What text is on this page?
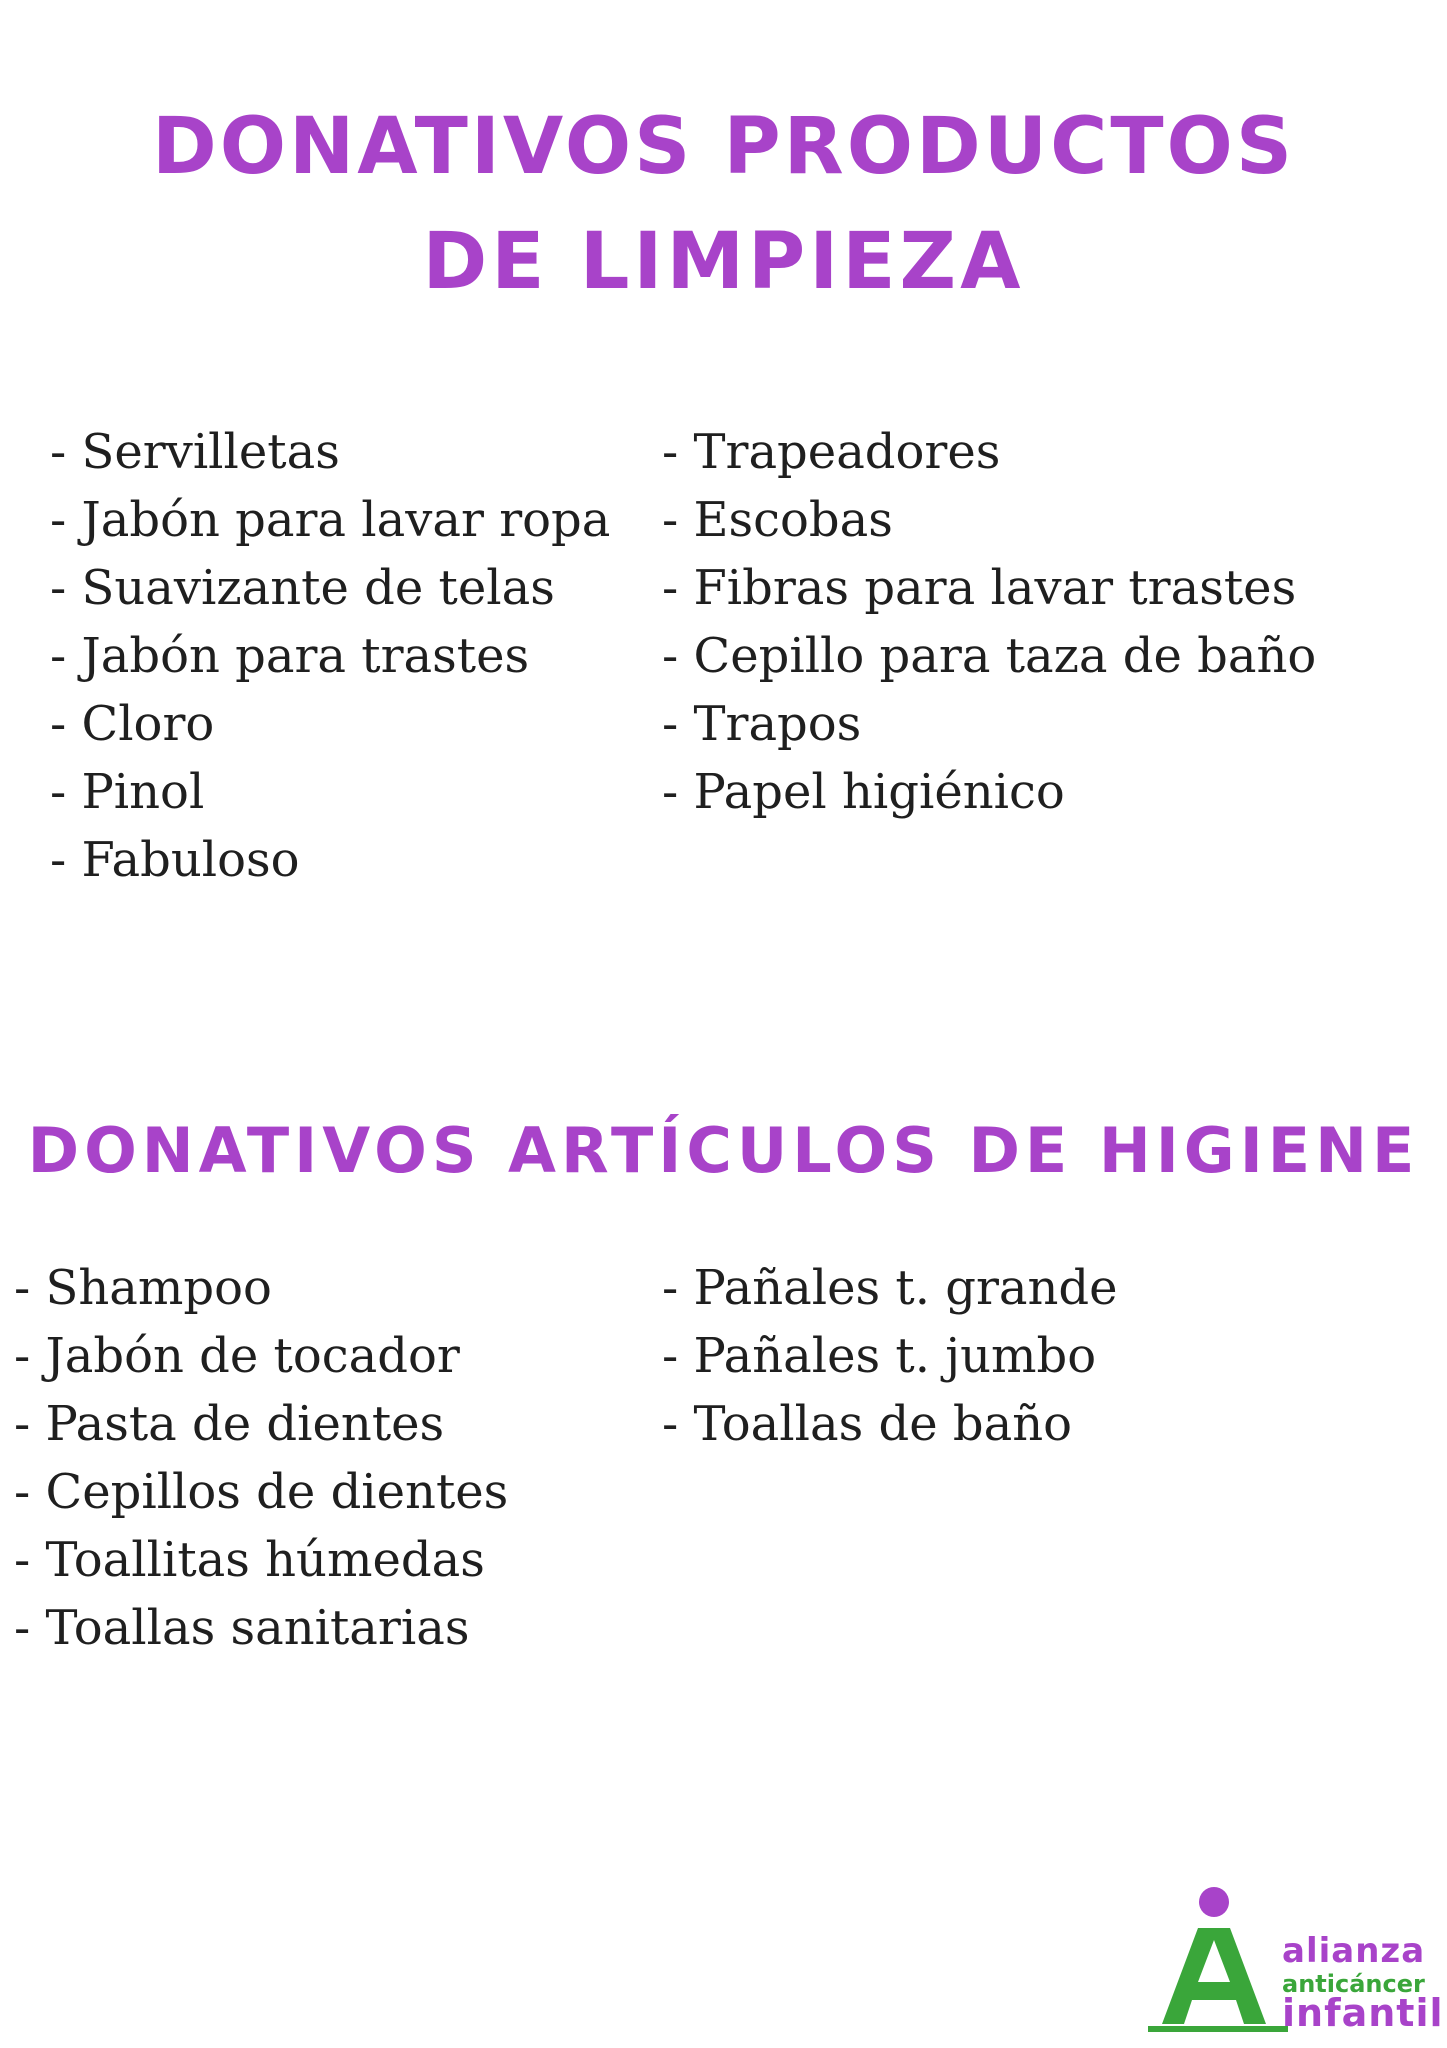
DONATIVOS PRODUCTOS
DE LIMPIEZA
- Servilletas
- Jabón para lavar ropa
- Suavizante de telas
- Jabón para trastes
- Cloro
- Pinol
- Fabuloso
- Trapeadores
- Escobas
- Fibras para lavar trastes
- Cepillo para taza de baño
- Trapos
- Papel higiénico
DONATIVOS ARTÍCULOS DE HIGIENE
- Shampoo
- Jabón de tocador
- Pasta de dientes
- Cepillos de dientes
- Toallitas húmedas
- Toallas sanitarias
- Pañales t. grande
- Pañales t. jumbo
- Toallas de baño
alianza
anticáncer
infantil
